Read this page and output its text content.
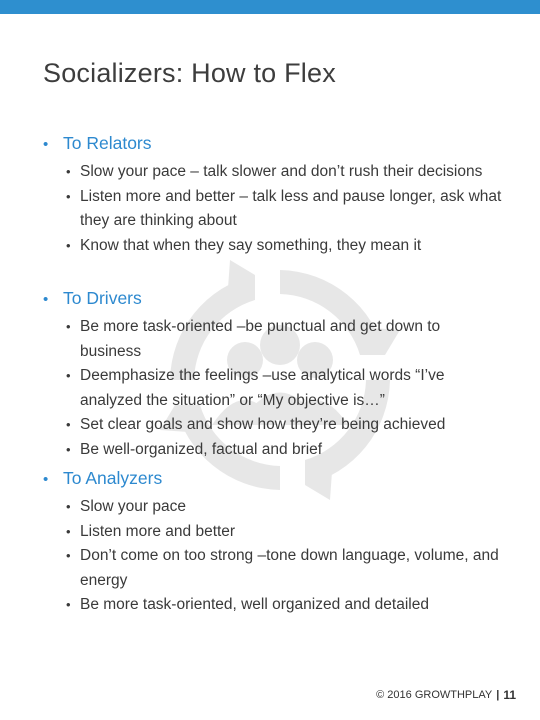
Socializers: How to Flex
• To Relators
• Slow your pace – talk slower and don’t rush their decisions
• Listen more and better – talk less and pause longer, ask what they are thinking about
• Know that when they say something, they mean it
• To Drivers
• Be more task-oriented –be punctual and get down to business
• Deemphasize the feelings –use analytical words “I’ve analyzed the situation” or “My objective is…”
• Set clear goals and show how they’re being achieved
• Be well-organized, factual and brief
• To Analyzers
• Slow your pace
• Listen more and better
• Don’t come on too strong –tone down language, volume, and energy
• Be more task-oriented, well organized and detailed
© 2016 GROWTHPLAY | 11
